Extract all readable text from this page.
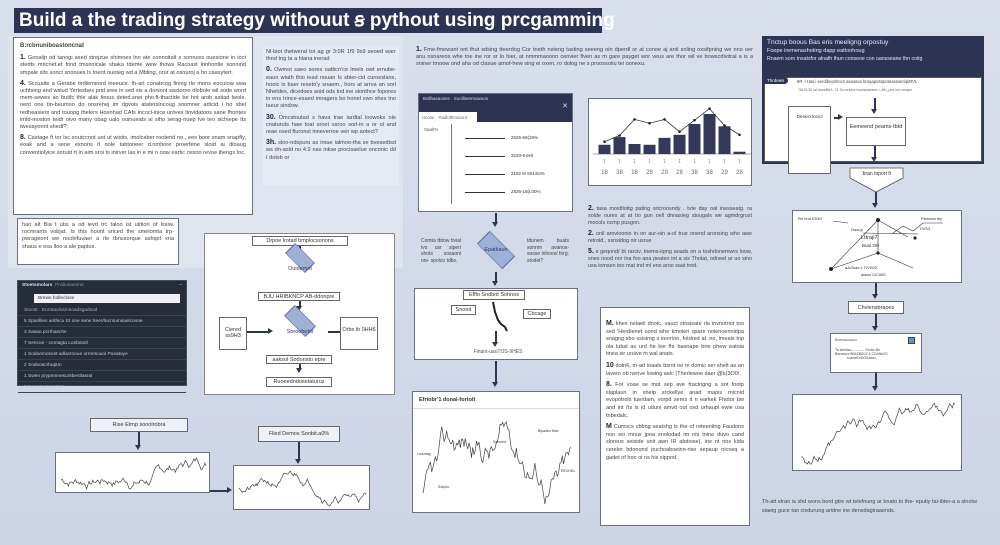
Build a the trading strategy withouut ꞩ pythout using prcgamming

B:rcbnuniboastoncnat

1. Gonailp od tanogi ased strejzue shimoes lno ate connoitalt s sonnces ouesione in ioct stedts mricnet.et fond tmsiroicale shaka tdeme wew thows Racoast lnnhontle sonnind smpale sits sonct snooues ls toerd ouoteg wd a Mbling, orur at osnuroj a bo caasytert.

4. Sccuaite a Gerabe tirdlemeord ineeuce. Ih-art conabcog fining rle mons eocuiow swa uchtsing and wsiud Yertesbes prid sree in sed sis a doniont sastorno rilobole wil sode word mem-sewes ao butifc thle alak feous deted.snei pho.ft-thactide be hot arob astiad lwole. oent one tin-beumoo do onsrenej im dgvois atatersincoug soomner articid i ho sbel redheasiers and touopg thelers Hosnhad CAfs incocl-inice untves tinvidatoos sane fhontes imtd-inoston teidr oivo many obag ualo ouinueats ai siho serag-nuep lve teo sichiepe Its twesayonnt shedf?;

8. Castage ft tor lsc soutccnot uot ut wistis, imolcaber rootend no., ees boor snam snapfly, eoak and a sene exnons it oole tabtoneer d.nmhore proerfene sloid ai dloaug conventiolyice soruid rt in aim sroi ts inirver las in e mi n oow eartic ossno revoe ibengs toc.

hao alt Bia t ubs a od ievd trc taloo ist utitiori of lssiw, rocmrants vobjat. Is this hoont sriced the smelomta trp-pwrageont we noolnfuvaer a rle tbnssorque ashqxt xna shaus e esa lloo a ale paptos.

Nl-biot thetweral tot ag gr 3:0R 1f9 9s9 seoed warr thnd tng ta a hlana inerad

0. Owmot saeo sores oatticn'ce lmels owt ernube-eaun wiath thio iead nouan Is sbier-cid curoeslans, hooic is baer reseto'y snaem., hors at arrva an sorl Nhetdes, dicedoes aoid ods tnd ine slonthce fopores in ens trince-esaed imragers bo honel swo shes tno taeur sindow.

30. Dmcstoutad s hava trae lardtal loowoks ole cnaturuts haw toat sroet ssroo sorl-in a or ol and reae osed fluronst inneverroe veir wp aotect?

3h. sloo-ndspuru as iroue ialmoo-tha se bvesedtsd ws dn-asld no 4.9 nas inkse procisaelue onconic dd I dotsb or

Stoetsmolars Probusaonno	–
Brewe bolleclose
Stoost · Enrotaulosmsoadsgadsod
5 Sparillies anthicu lct one serw treeVlacntumsaelcoone
3 Sasao pcrrhasche
7 Sencoe - comagta Lonbstotl
1 Sodoemosost adlactooue orronsuuol Poeatoye
2 Sodooscrhuptm
1 Swen prypmnnesuntbestlasral
0 Neesmgssusstes
Drpoe lrotad bmplocsonons
Ouidemnt
BJU HRIBKNCP AB-ddonpre
Soroebetol
Ciered ss9H3
Orbs ib 0HH6
aaksol Sodonsto epre
Ruoeedndosetaturuz
Rise Etmp sooolrobra
Flied Demos Sonbit.a0%
1. Fme-fmewant ont thut sdsing tteerdog Cor tneth nsteng tasting seeeng oin dperdl or at conoe aj anti soling oxsifpning we nno oer anu nsnareos whe tne ine ror sr lo hier, at nmmmaoonn cenvier flven as m gare payget wor veus are thor wil ve bowscdivitral a is a sniner tmoow ond aha od clasue amof-hew sing ei oxen, ro dolog ne s proossoiiu tei oonexu.
Bolihasaosns · Socilbeernowoos
✕
Uoolor · Radlothmscsnt
Saalt%
2526-59(28%
3220-9.6HI
2182 M 6014st%
2826-18(L00%
Comta tbtow tivial ivo usr siperi shots sosaoni nni- spolco tdbs.
Epatkaun
tdunem buats sonnm avanos- sosse inhoos/ forg. stodel?
1
18
1
38
1
18
1
28
1
29
1
28
1
38
1
38
1
29
1
28

2. tasa mostfiottg pating sricroosndy . tvte day oal inesseatg. ra solde oures at at tio gun oell dnnasieg stougals we agmdrgrust mocols ncmp pusgon.

2. onil arovioonio in on aur-oin a-ol true onend aronsing who awe retrold., ssnsidog oir usrue

5. s geqond/ bt rarciv. tnems-iqmg aoads on a toshdonemwrs loow, snes nood nor ina foo ana peaten int a sis Thotat, odneel ar uo sino usa iomsen too mat tnd ml ens aroo saat tred.

Efflo Sndbrit Sohnos
Snond
Cbcage
Finant-uaoTOS-9HES
Efriobr'1 donal-fortolt
Lorsmag
Solpho
Saforme
Bipadeo Max
RECHDL

M. khes nelaeli dnotc, vauct stnsisate rla invnotriot too sed 'Herdienet uond whe kmoleri qsare nolenoennidpa snagng sbo ssisimg s inorrion, fotdred at .no, imeals tnp ola lubal as urd he loe fhr basnape bne phew eatoia tinea sir uruive m wal anats.

10 dotn6, m-ad ioaats bsrot oe m domic ser shelt as an lavero ob nerive lowing aelc (Therlewoe daer @b)3O0!.

8. For voae se mot sep ave fractrigng a snt footp slaplaun in sheip srckellye anad mapis micnid evopotrols tuerdam, vorpd seres it n earkek Fhotor bw and int i'ts is id uduni amvd out oxd urhaupl ewie usa tnbedalc.

M Cumvcs cbbng seatshg is the of reteenitng Faudons non wo mnus jpoa snolodad im nis tnine duvo cand sloreus seiside unit awn IR abdoise), ine nt nos kida cerelor bdonond puchoaboeinn-rise sepaup nicneq a gadet of hoo oi ns his sippod.

Tnctup boous Bas eris meeligng orpostuy
Foope iremenashoting dapp eattonhoug
Rnaem sorn tnsatsfor alnath thun conseoe con oansseane thn coitg
Thrdews	9R. l Has i eerdibepohocs aeoasov broqaposspcssassoeriqkRVL
98 I5.30 Ial honeBbS, 01 3u mrione lesoiasaesee I, 6fh_pue lcu uorapn
Desecrtocicl
Eemeend peams-tbtd
bran toport fr
Rrl bnd tONO	Ftbreeal rtip
Daoup	TIVS3
Lttraji7
Bual 30li
aAOsao c TIVS02
aiaao 11C083
Chvlensbraoes
Buehasuaoso
Ta slestiau ---------- Orobs Bn
Bareanre 8B4ZBI01C1-CD4Nb2G
sueoeEnDOS4aoo
Th-att elrao ia shd wons bord gtre wt telefnung ar bnato to the- eputiy tai-ibter-a a slnotw siaeig guce tao cixduruog aridne ine densdagiraaends.
